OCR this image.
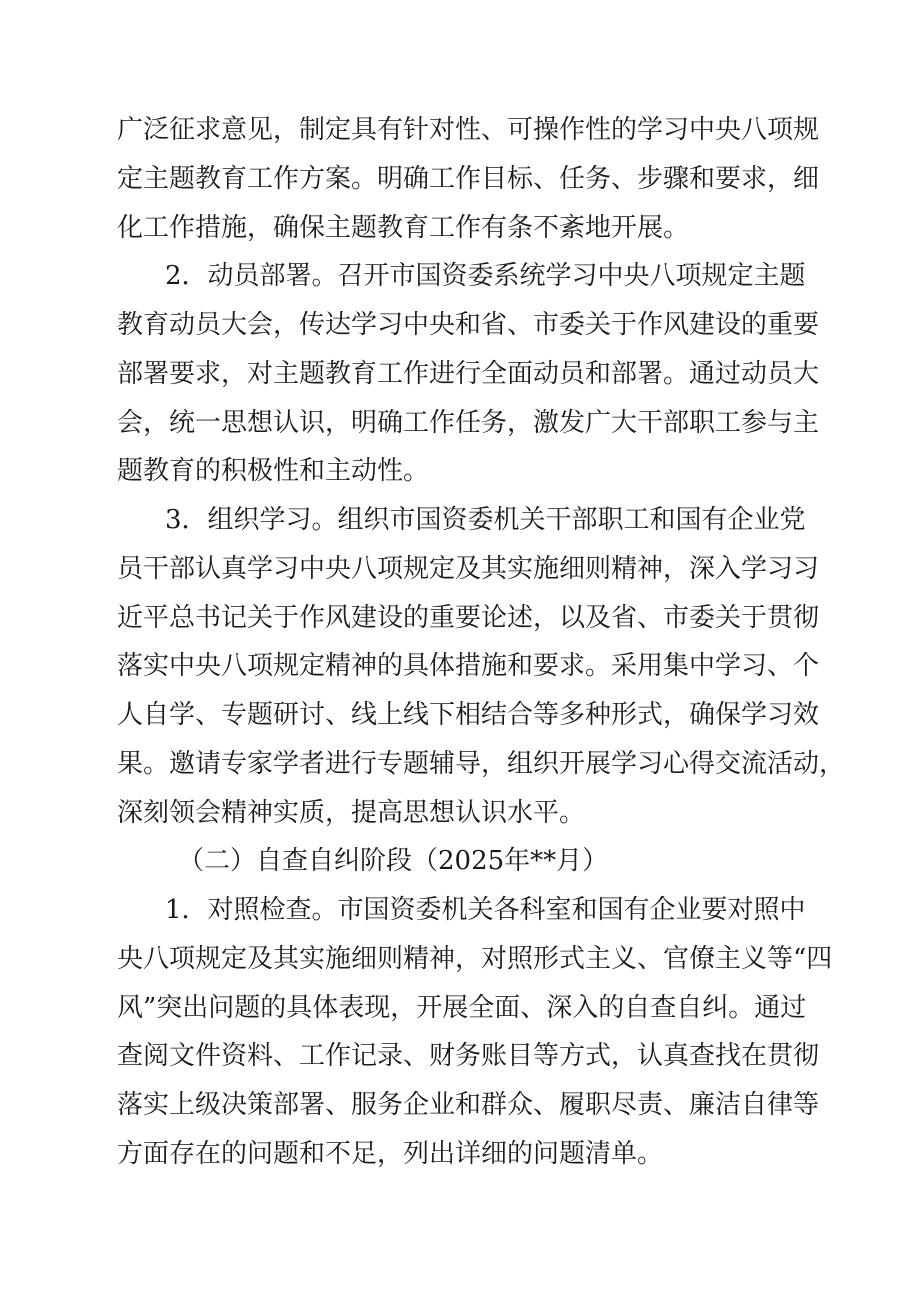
广泛征求意见，制定具有针对性、可操作性的学习中央八项规
定主题教育工作方案。明确工作目标、任务、步骤和要求，细
化工作措施，确保主题教育工作有条不紊地开展。
2．动员部署。召开市国资委系统学习中央八项规定主题
教育动员大会，传达学习中央和省、市委关于作风建设的重要
部署要求，对主题教育工作进行全面动员和部署。通过动员大
会，统一思想认识，明确工作任务，激发广大干部职工参与主
题教育的积极性和主动性。
3．组织学习。组织市国资委机关干部职工和国有企业党
员干部认真学习中央八项规定及其实施细则精神，深入学习习
近平总书记关于作风建设的重要论述，以及省、市委关于贯彻
落实中央八项规定精神的具体措施和要求。采用集中学习、个
人自学、专题研讨、线上线下相结合等多种形式，确保学习效
果。邀请专家学者进行专题辅导，组织开展学习心得交流活动，
深刻领会精神实质，提高思想认识水平。
（二）自查自纠阶段（2025年**月）
1．对照检查。市国资委机关各科室和国有企业要对照中
央八项规定及其实施细则精神，对照形式主义、官僚主义等“四
风”突出问题的具体表现，开展全面、深入的自查自纠。通过
查阅文件资料、工作记录、财务账目等方式，认真查找在贯彻
落实上级决策部署、服务企业和群众、履职尽责、廉洁自律等
方面存在的问题和不足，列出详细的问题清单。
